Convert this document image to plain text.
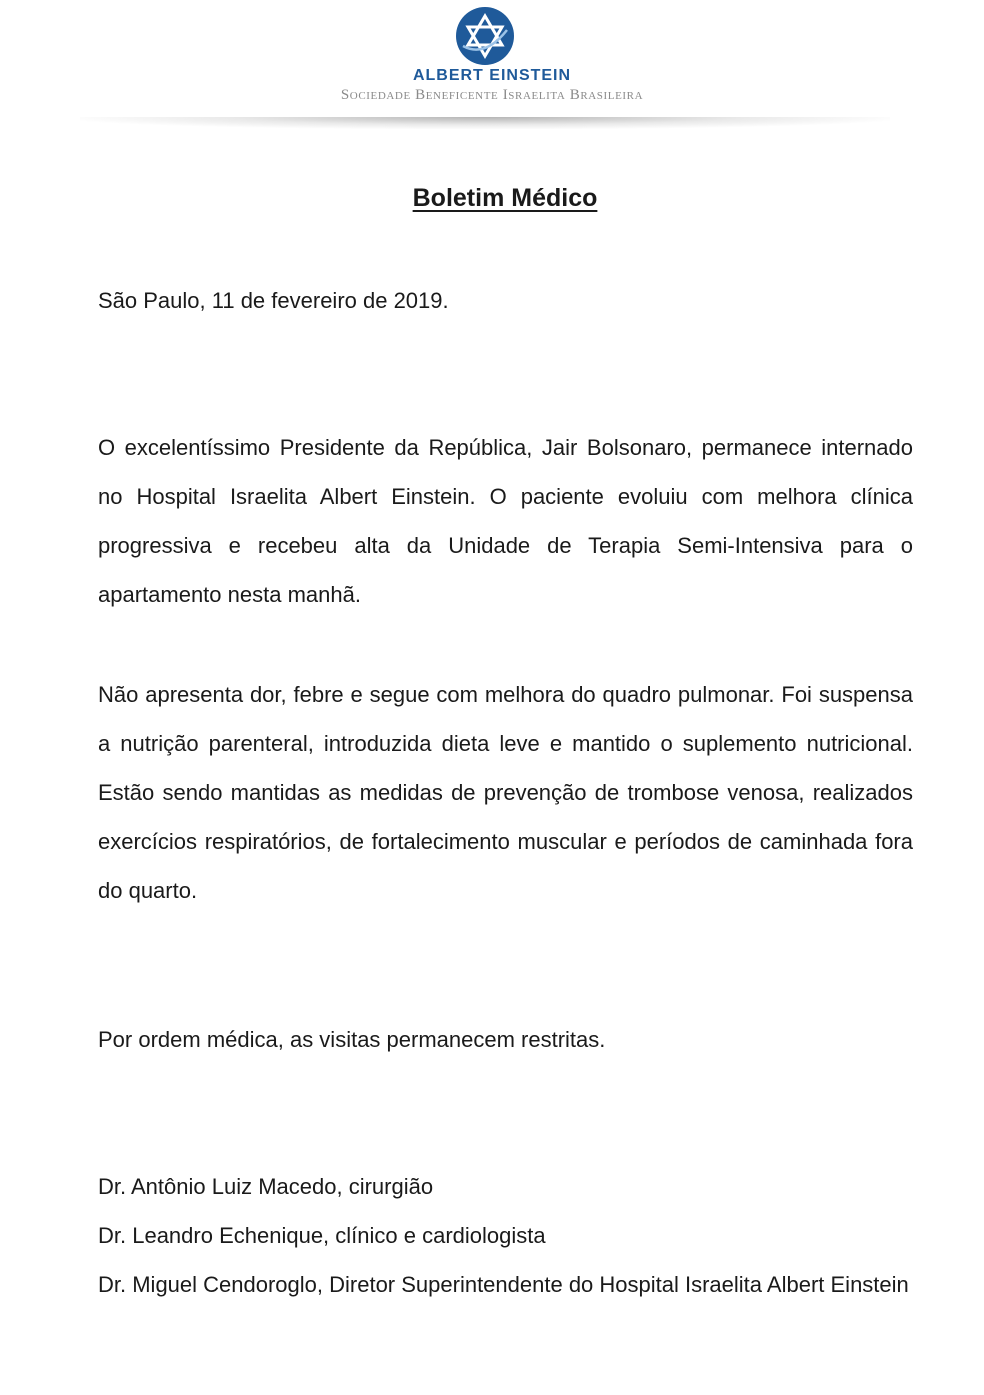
ALBERT EINSTEIN
Sociedade Beneficente Israelita Brasileira
Boletim Médico
São Paulo, 11 de fevereiro de 2019.
O excelentíssimo Presidente da República, Jair Bolsonaro, permanece internado no Hospital Israelita Albert Einstein. O paciente evoluiu com melhora clínica progressiva e recebeu alta da Unidade de Terapia Semi-Intensiva para o apartamento nesta manhã.
Não apresenta dor, febre e segue com melhora do quadro pulmonar. Foi suspensa a nutrição parenteral, introduzida dieta leve e mantido o suplemento nutricional. Estão sendo mantidas as medidas de prevenção de trombose venosa, realizados exercícios respiratórios, de fortalecimento muscular e períodos de caminhada fora do quarto.
Por ordem médica, as visitas permanecem restritas.
Dr. Antônio Luiz Macedo, cirurgião
Dr. Leandro Echenique, clínico e cardiologista
Dr. Miguel Cendoroglo, Diretor Superintendente do Hospital Israelita Albert Einstein
